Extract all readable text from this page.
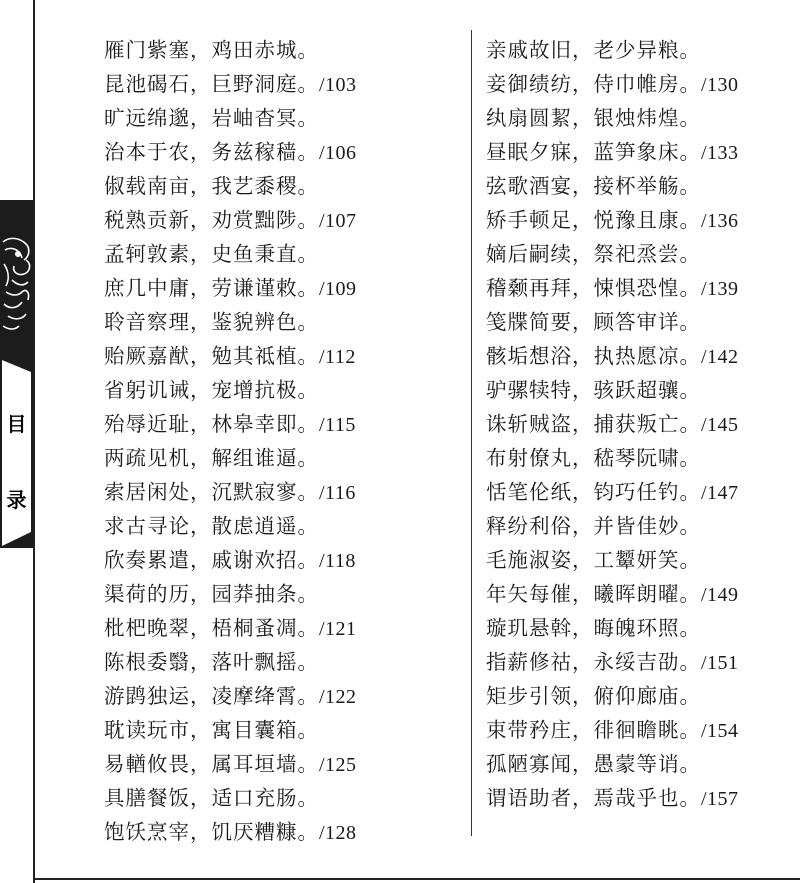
目
录
雁门紫塞，鸡田赤城。
昆池碣石，巨野洞庭。/103
旷远绵邈，岩岫杳冥。
治本于农，务兹稼穑。/106
俶载南亩，我艺黍稷。
税熟贡新，劝赏黜陟。/107
孟轲敦素，史鱼秉直。
庶几中庸，劳谦谨敕。/109
聆音察理，鉴貌辨色。
贻厥嘉猷，勉其祗植。/112
省躬讥诫，宠增抗极。
殆辱近耻，林皋幸即。/115
两疏见机，解组谁逼。
索居闲处，沉默寂寥。/116
求古寻论，散虑逍遥。
欣奏累遣，戚谢欢招。/118
渠荷的历，园莽抽条。
枇杷晚翠，梧桐蚤凋。/121
陈根委翳，落叶飘摇。
游鹍独运，凌摩绛霄。/122
耽读玩市，寓目囊箱。
易輶攸畏，属耳垣墙。/125
具膳餐饭，适口充肠。
饱饫烹宰，饥厌糟糠。/128
亲戚故旧，老少异粮。
妾御绩纺，侍巾帷房。/130
纨扇圆絜，银烛炜煌。
昼眠夕寐，蓝笋象床。/133
弦歌酒宴，接杯举觞。
矫手顿足，悦豫且康。/136
嫡后嗣续，祭祀烝尝。
稽颡再拜，悚惧恐惶。/139
笺牒简要，顾答审详。
骸垢想浴，执热愿凉。/142
驴骡犊特，骇跃超骧。
诛斩贼盗，捕获叛亡。/145
布射僚丸，嵇琴阮啸。
恬笔伦纸，钧巧任钓。/147
释纷利俗，并皆佳妙。
毛施淑姿，工颦妍笑。
年矢每催，曦晖朗曜。/149
璇玑悬斡，晦魄环照。
指薪修祜，永绥吉劭。/151
矩步引领，俯仰廊庙。
束带矜庄，徘徊瞻眺。/154
孤陋寡闻，愚蒙等诮。
谓语助者，焉哉乎也。/157
